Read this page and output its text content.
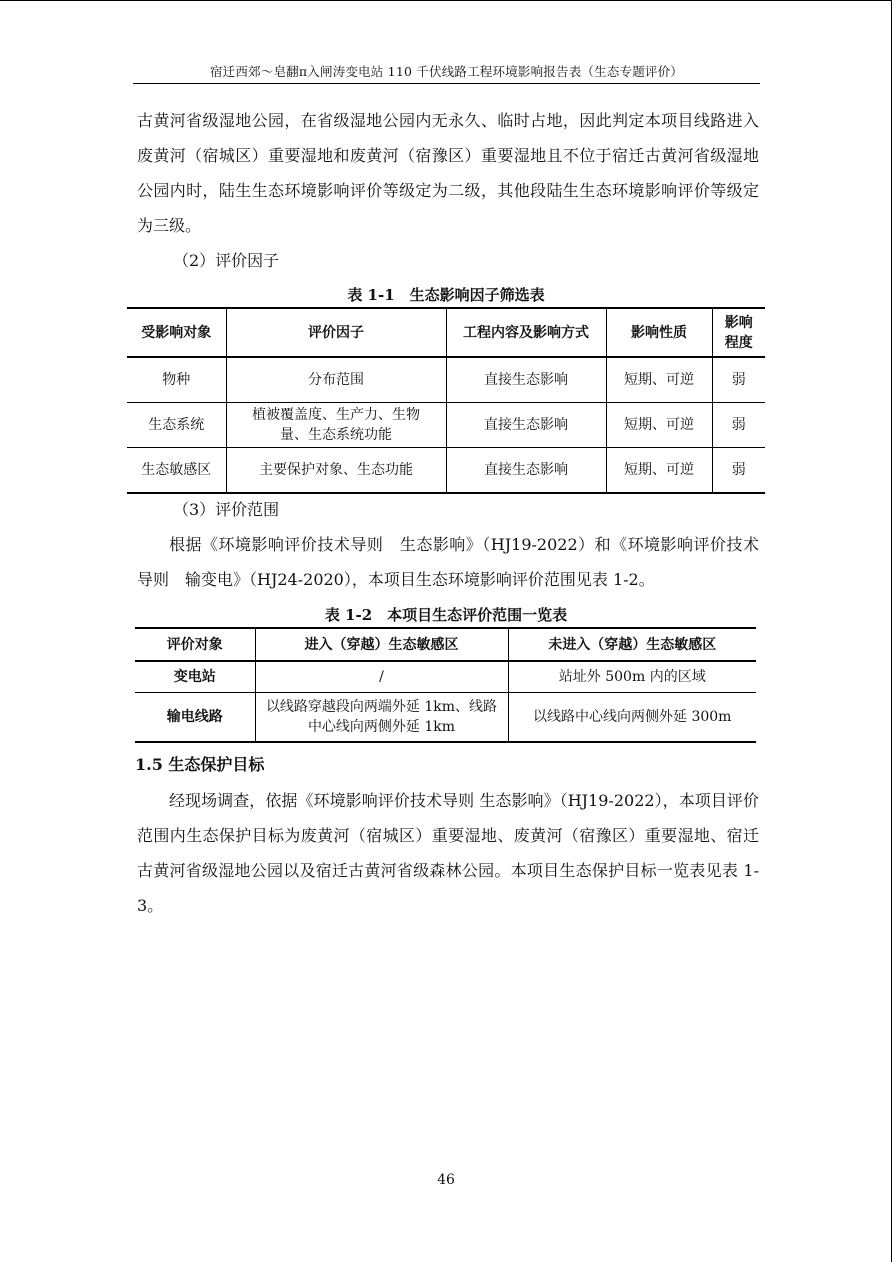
宿迁西郊～皂翻π入闸涛变电站 110 千伏线路工程环境影响报告表（生态专题评价）

古黄河省级湿地公园，在省级湿地公园内无永久、临时占地，因此判定本项目线路进入废黄河（宿城区）重要湿地和废黄河（宿豫区）重要湿地且不位于宿迁古黄河省级湿地公园内时，陆生生态环境影响评价等级定为二级，其他段陆生生态环境影响评价等级定为三级。

（2）评价因子
表 1-1　生态影响因子筛选表
受影响对象	评价因子	工程内容及影响方式	影响性质	影响程度
物种	分布范围	直接生态影响	短期、可逆	弱
生态系统	植被覆盖度、生产力、生物量、生态系统功能	直接生态影响	短期、可逆	弱
生态敏感区	主要保护对象、生态功能	直接生态影响	短期、可逆	弱
（3）评价范围

根据《环境影响评价技术导则　生态影响》（HJ19-2022）和《环境影响评价技术导则　输变电》（HJ24-2020），本项目生态环境影响评价范围见表 1-2。

表 1-2　本项目生态评价范围一览表
评价对象	进入（穿越）生态敏感区	未进入（穿越）生态敏感区
变电站	/	站址外 500m 内的区域
输电线路	以线路穿越段向两端外延 1km、线路中心线向两侧外延 1km	以线路中心线向两侧外延 300m
1.5 生态保护目标

经现场调查，依据《环境影响评价技术导则 生态影响》（HJ19-2022），本项目评价范围内生态保护目标为废黄河（宿城区）重要湿地、废黄河（宿豫区）重要湿地、宿迁古黄河省级湿地公园以及宿迁古黄河省级森林公园。本项目生态保护目标一览表见表 1-3。

46
